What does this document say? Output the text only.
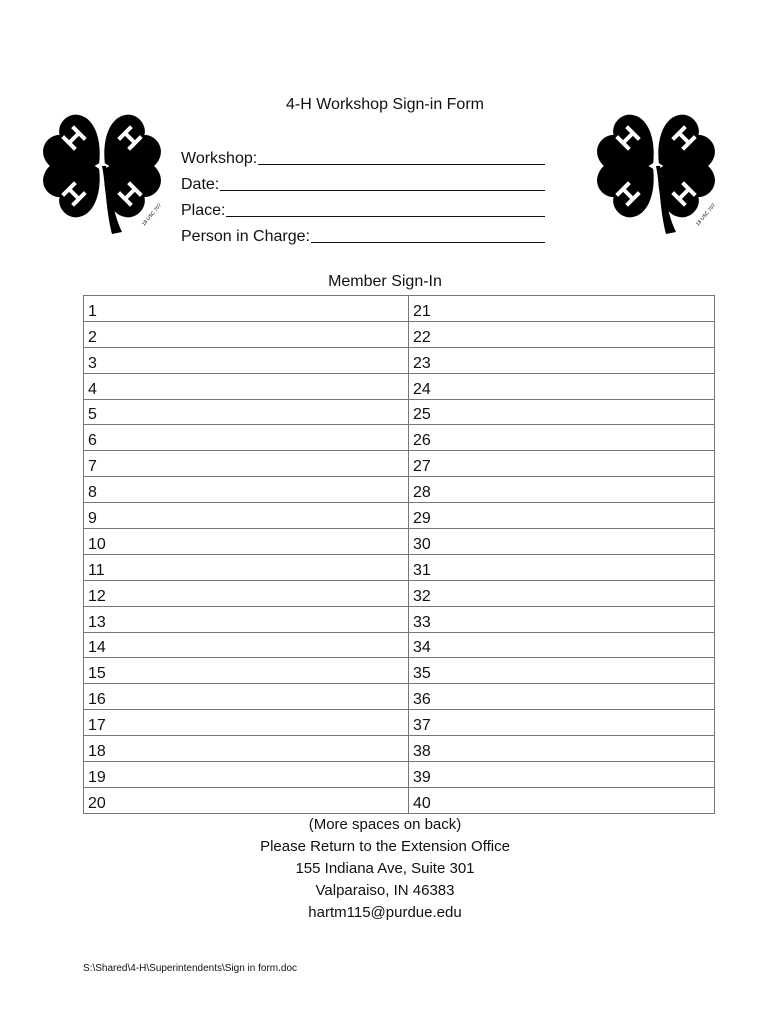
4-H Workshop Sign-in Form
Workshop:
Date:
Place:
Person in Charge:
Member Sign-In
1	21
2	22
3	23
4	24
5	25
6	26
7	27
8	28
9	29
10	30
11	31
12	32
13	33
14	34
15	35
16	36
17	37
18	38
19	39
20	40
(More spaces on back)
Please Return to the Extension Office
155 Indiana Ave, Suite 301
Valparaiso, IN 46383
hartm115@purdue.edu
S:\Shared\4-H\Superintendents\Sign in form.doc
